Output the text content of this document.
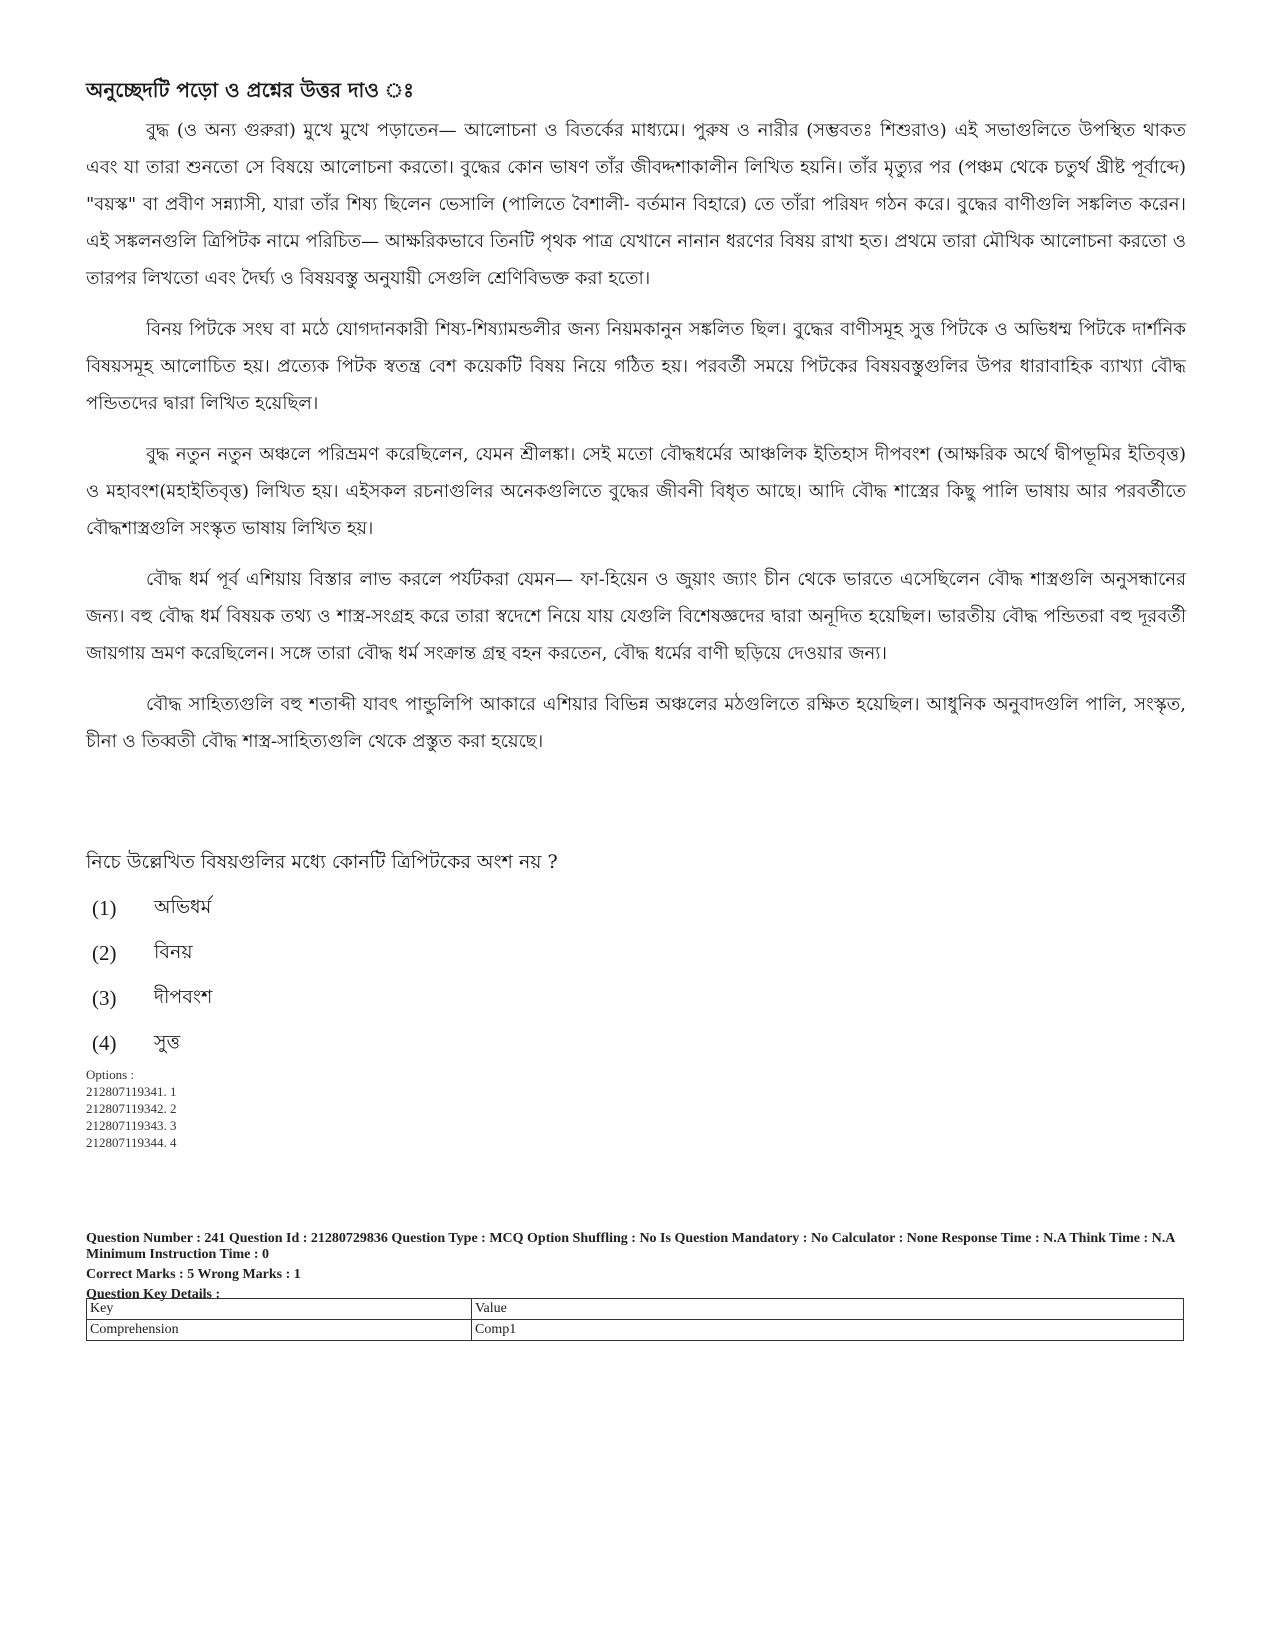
অনুচ্ছেদটি পড়ো ও প্রশ্নের উত্তর দাও ঃ

বুদ্ধ (ও অন্য গুরুরা) মুখে মুখে পড়াতেন— আলোচনা ও বিতর্কের মাধ্যমে। পুরুষ ও নারীর (সম্ভবতঃ শিশুরাও) এই সভাগুলিতে উপস্থিত থাকত এবং যা তারা শুনতো সে বিষয়ে আলোচনা করতো। বুদ্ধের কোন ভাষণ তাঁর জীবদ্দশাকালীন লিখিত হয়নি। তাঁর মৃত্যুর পর (পঞ্চম থেকে চতুর্থ খ্রীষ্ট পূর্বাব্দে) "বয়স্ক" বা প্রবীণ সন্ন্যাসী, যারা তাঁর শিষ্য ছিলেন ভেসালি (পালিতে বৈশালী- বর্তমান বিহারে) তে তাঁরা পরিষদ গঠন করে। বুদ্ধের বাণীগুলি সঙ্কলিত করেন। এই সঙ্কলনগুলি ত্রিপিটক নামে পরিচিত— আক্ষরিকভাবে তিনটি পৃথক পাত্র যেখানে নানান ধরণের বিষয় রাখা হত। প্রথমে তারা মৌখিক আলোচনা করতো ও তারপর লিখতো এবং দৈর্ঘ্য ও বিষয়বস্তু অনুযায়ী সেগুলি শ্রেণিবিভক্ত করা হতো।

বিনয় পিটকে সংঘ বা মঠে যোগদানকারী শিষ্য-শিষ্যামন্ডলীর জন্য নিয়মকানুন সঙ্কলিত ছিল। বুদ্ধের বাণীসমূহ সুত্ত পিটকে ও অভিধম্ম পিটকে দার্শনিক বিষয়সমূহ আলোচিত হয়। প্রত্যেক পিটক স্বতন্ত্র বেশ কয়েকটি বিষয় নিয়ে গঠিত হয়। পরবর্তী সময়ে পিটকের বিষয়বস্তুগুলির উপর ধারাবাহিক ব্যাখ্যা বৌদ্ধ পন্ডিতদের দ্বারা লিখিত হয়েছিল।

বুদ্ধ নতুন নতুন অঞ্চলে পরিভ্রমণ করেছিলেন, যেমন শ্রীলঙ্কা। সেই মতো বৌদ্ধধর্মের আঞ্চলিক ইতিহাস দীপবংশ (আক্ষরিক অর্থে দ্বীপভূমির ইতিবৃত্ত) ও মহাবংশ(মহাইতিবৃত্ত) লিখিত হয়। এইসকল রচনাগুলির অনেকগুলিতে বুদ্ধের জীবনী বিধৃত আছে। আদি বৌদ্ধ শাস্ত্রের কিছু পালি ভাষায় আর পরবর্তীতে বৌদ্ধশাস্ত্রগুলি সংস্কৃত ভাষায় লিখিত হয়।

বৌদ্ধ ধর্ম পূর্ব এশিয়ায় বিস্তার লাভ করলে পর্যটকরা যেমন— ফা-হিয়েন ও জুয়াং জ্যাং চীন থেকে ভারতে এসেছিলেন বৌদ্ধ শাস্ত্রগুলি অনুসন্ধানের জন্য। বহু বৌদ্ধ ধর্ম বিষয়ক তথ্য ও শাস্ত্র-সংগ্রহ করে তারা স্বদেশে নিয়ে যায় যেগুলি বিশেষজ্ঞদের দ্বারা অনূদিত হয়েছিল। ভারতীয় বৌদ্ধ পন্ডিতরা বহু দূরবর্তী জায়গায় ভ্রমণ করেছিলেন। সঙ্গে তারা বৌদ্ধ ধর্ম সংক্রান্ত গ্রন্থ বহন করতেন, বৌদ্ধ ধর্মের বাণী ছড়িয়ে দেওয়ার জন্য।

বৌদ্ধ সাহিত্যগুলি বহু শতাব্দী যাবৎ পান্ডুলিপি আকারে এশিয়ার বিভিন্ন অঞ্চলের মঠগুলিতে রক্ষিত হয়েছিল। আধুনিক অনুবাদগুলি পালি, সংস্কৃত, চীনা ও তিব্বতী বৌদ্ধ শাস্ত্র-সাহিত্যগুলি থেকে প্রস্তুত করা হয়েছে।

নিচে উল্লেখিত বিষয়গুলির মধ্যে কোনটি ত্রিপিটকের অংশ নয় ?
(1)	অভিধর্ম
(2)	বিনয়
(3)	দীপবংশ
(4)	সুত্ত
Options :
212807119341. 1
212807119342. 2
212807119343. 3
212807119344. 4
Question Number : 241 Question Id : 21280729836 Question Type : MCQ Option Shuffling : No Is Question Mandatory : No Calculator : None Response Time : N.A Think Time : N.A Minimum Instruction Time : 0
Correct Marks : 5 Wrong Marks : 1
Question Key Details :
Key	Value
Comprehension	Comp1
